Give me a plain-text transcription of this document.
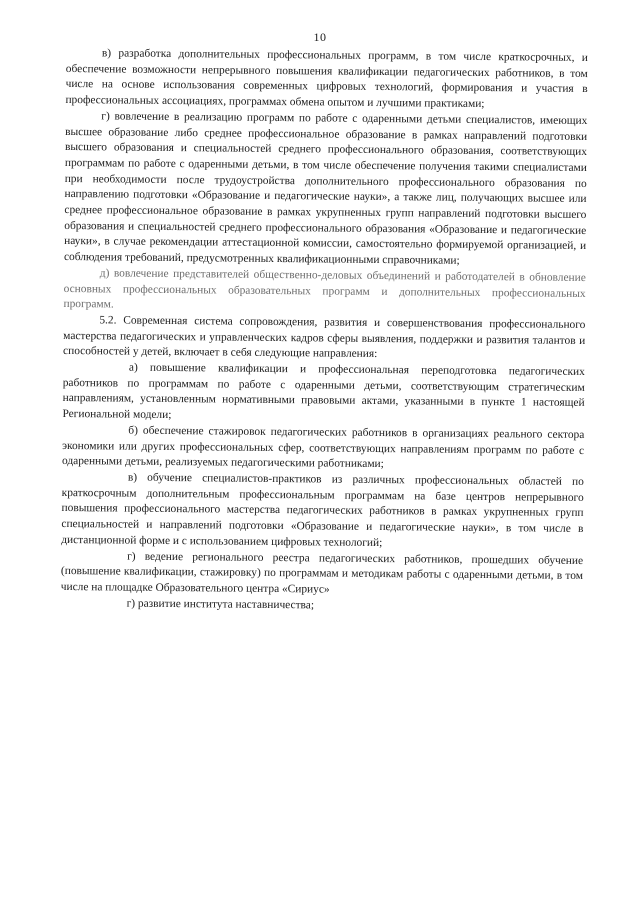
10

в) разработка дополнительных профессиональных программ, в том числе краткосрочных, и обеспечение возможности непрерывного повышения квалификации педагогических работников, в том числе на основе использования современных цифровых технологий, формирования и участия в профессиональных ассоциациях, программах обмена опытом и лучшими практиками;

г) вовлечение в реализацию программ по работе с одаренными детьми специалистов, имеющих высшее образование либо среднее профессиональное образование в рамках направлений подготовки высшего образования и специальностей среднего профессионального образования, соответствующих программам по работе с одаренными детьми, в том числе обеспечение получения такими специалистами при необходимости после трудоустройства дополнительного профессионального образования по направлению подготовки «Образование и педагогические науки», а также лиц, получающих высшее или среднее профессиональное образование в рамках укрупненных групп направлений подготовки высшего образования и специальностей среднего профессионального образования «Образование и педагогические науки», в случае рекомендации аттестационной комиссии, самостоятельно формируемой организацией, и соблюдения требований, предусмотренных квалификационными справочниками;

д) вовлечение представителей общественно-деловых объединений и работодателей в обновление основных профессиональных образовательных программ и дополнительных профессиональных программ.

5.2. Современная система сопровождения, развития и совершенствования профессионального мастерства педагогических и управленческих кадров сферы выявления, поддержки и развития талантов и способностей у детей, включает в себя следующие направления:

а) повышение квалификации и профессиональная переподготовка педагогических работников по программам по работе с одаренными детьми, соответствующим стратегическим направлениям, установленным нормативными правовыми актами, указанными в пункте 1 настоящей Региональной модели;

б) обеспечение стажировок педагогических работников в организациях реального сектора экономики или других профессиональных сфер, соответствующих направлениям программ по работе с одаренными детьми, реализуемых педагогическими работниками;

в) обучение специалистов-практиков из различных профессиональных областей по краткосрочным дополнительным профессиональным программам на базе центров непрерывного повышения профессионального мастерства педагогических работников в рамках укрупненных групп специальностей и направлений подготовки «Образование и педагогические науки», в том числе в дистанционной форме и с использованием цифровых технологий;

г) ведение регионального реестра педагогических работников, прошедших обучение (повышение квалификации, стажировку) по программам и методикам работы с одаренными детьми, в том числе на площадке Образовательного центра «Сириус»

г) развитие института наставничества;
